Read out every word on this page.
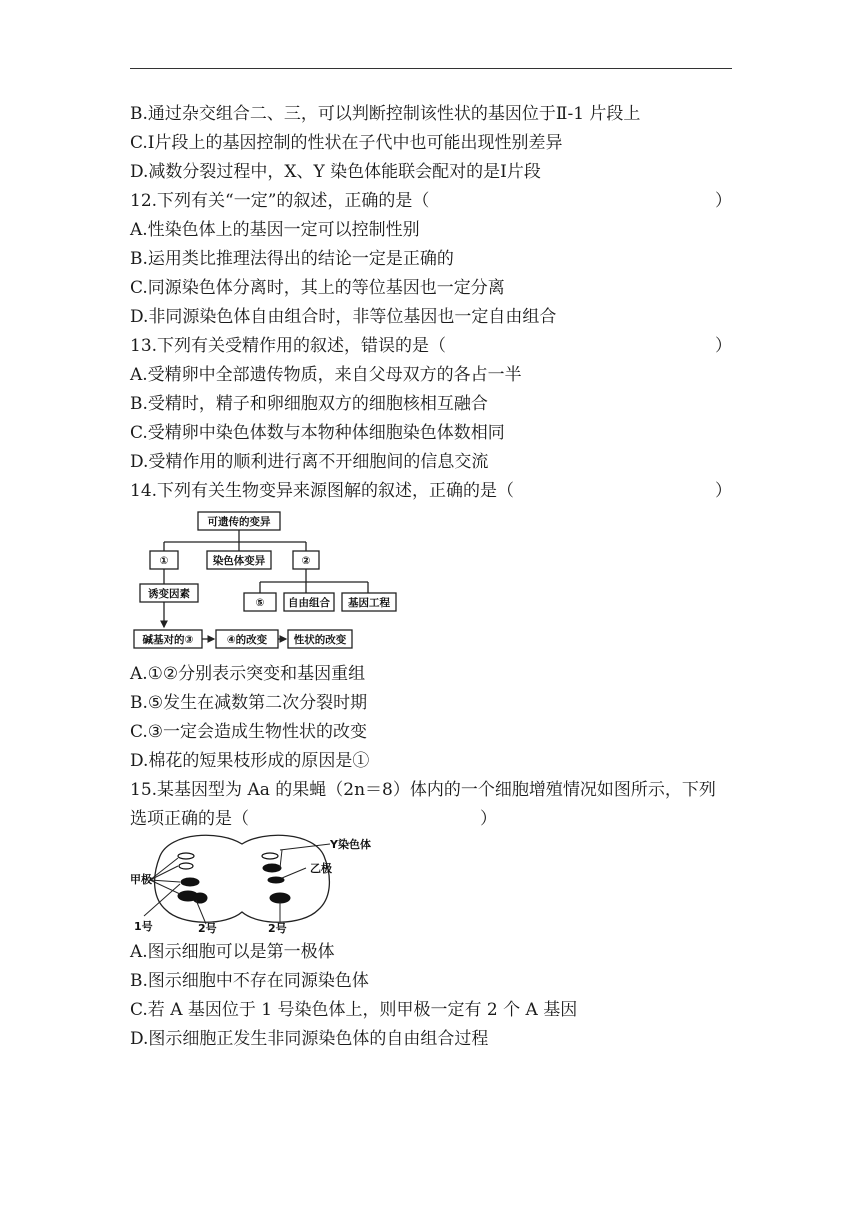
B.通过杂交组合二、三，可以判断控制该性状的基因位于Ⅱ-1 片段上
C.Ⅰ片段上的基因控制的性状在子代中也可能出现性别差异
D.减数分裂过程中，X、Y 染色体能联会配对的是Ⅰ片段
12.下列有关“一定”的叙述，正确的是（	）
A.性染色体上的基因一定可以控制性别
B.运用类比推理法得出的结论一定是正确的
C.同源染色体分离时，其上的等位基因也一定分离
D.非同源染色体自由组合时，非等位基因也一定自由组合
13.下列有关受精作用的叙述，错误的是（	）
A.受精卵中全部遗传物质，来自父母双方的各占一半
B.受精时，精子和卵细胞双方的细胞核相互融合
C.受精卵中染色体数与本物种体细胞染色体数相同
D.受精作用的顺利进行离不开细胞间的信息交流
14.下列有关生物变异来源图解的叙述，正确的是（	）
可遗传的变异
①	染色体变异	②
诱变因素
⑤ 自由组合 基因工程
碱基对的③	④的改变	性状的改变
A.①②分别表示突变和基因重组
B.⑤发生在减数第二次分裂时期
C.③一定会造成生物性状的改变
D.棉花的短果枝形成的原因是①
15.某基因型为 Aa 的果蝇（2n＝8）体内的一个细胞增殖情况如图所示，下列选项正确的是（	）
Y染色体
乙极
甲极
1号	2号	2号
A.图示细胞可以是第一极体
B.图示细胞中不存在同源染色体
C.若 A 基因位于 1 号染色体上，则甲极一定有 2 个 A 基因
D.图示细胞正发生非同源染色体的自由组合过程
